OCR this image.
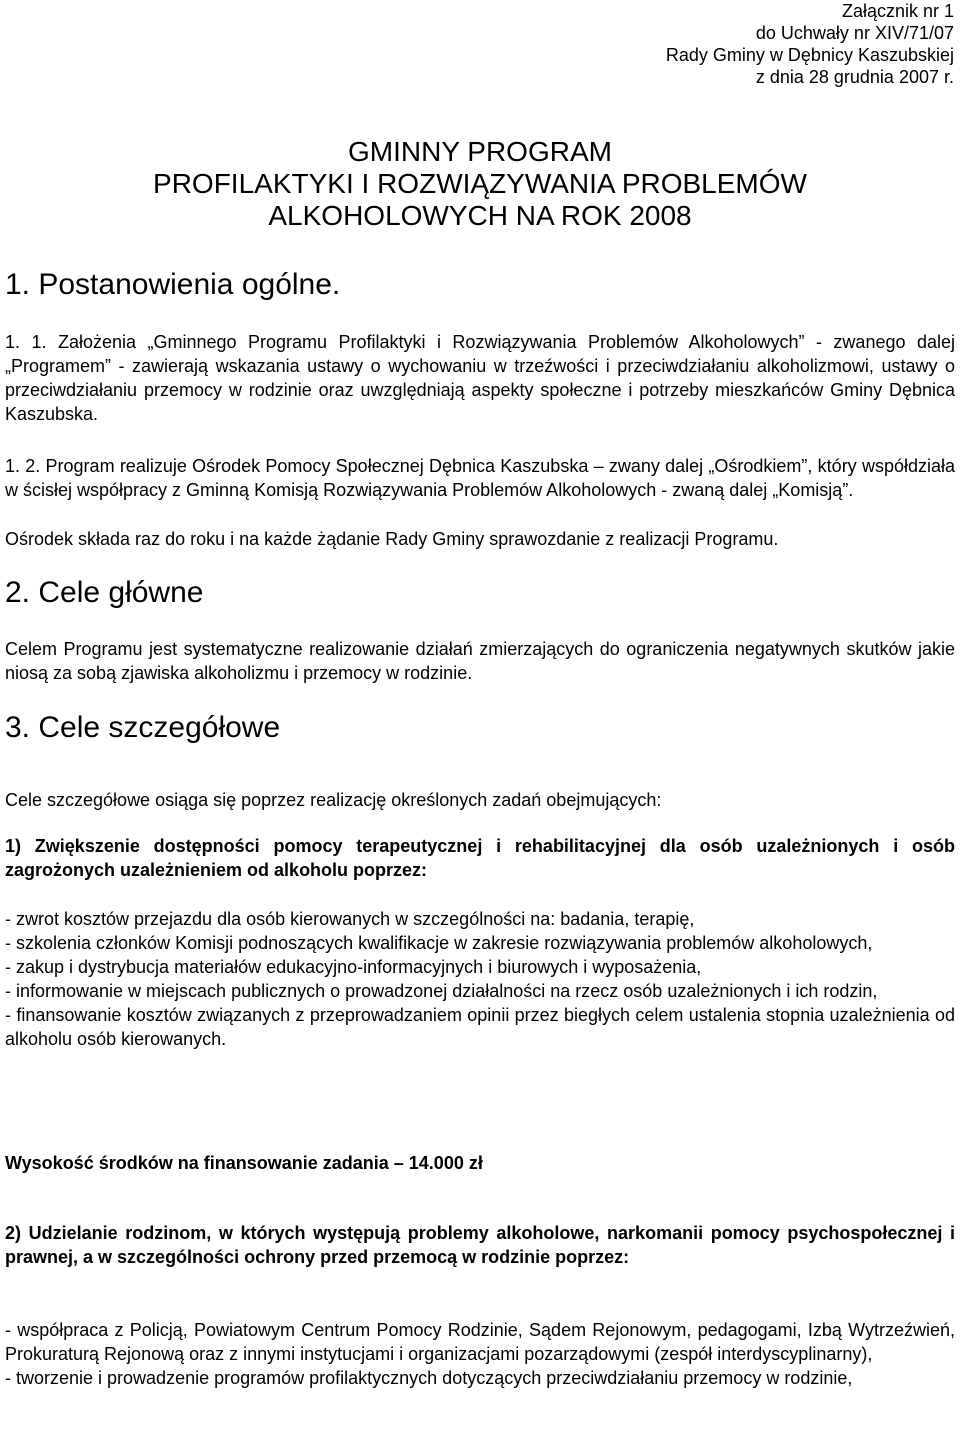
Załącznik nr 1
do Uchwały nr XIV/71/07
Rady Gminy w Dębnicy Kaszubskiej
z dnia 28 grudnia 2007 r.
GMINNY PROGRAM
PROFILAKTYKI I ROZWIĄZYWANIA PROBLEMÓW
ALKOHOLOWYCH NA ROK 2008
1. Postanowienia ogólne.

1. 1. Założenia „Gminnego Programu Profilaktyki i Rozwiązywania Problemów Alkoholowych” - zwanego dalej „Programem” - zawierają wskazania ustawy o wychowaniu w trzeźwości i przeciwdziałaniu alkoholizmowi, ustawy o przeciwdziałaniu przemocy w rodzinie oraz uwzględniają aspekty społeczne i potrzeby mieszkańców Gminy Dębnica Kaszubska.

1. 2. Program realizuje Ośrodek Pomocy Społecznej Dębnica Kaszubska – zwany dalej „Ośrodkiem”, który współdziała w ścisłej współpracy z Gminną Komisją Rozwiązywania Problemów Alkoholowych - zwaną dalej „Komisją”.

Ośrodek składa raz do roku i na każde żądanie Rady Gminy sprawozdanie z realizacji Programu.

2. Cele główne

Celem Programu jest systematyczne realizowanie działań zmierzających do ograniczenia negatywnych skutków jakie niosą za sobą zjawiska alkoholizmu i przemocy w rodzinie.

3. Cele szczegółowe

Cele szczegółowe osiąga się poprzez realizację określonych zadań obejmujących:

1) Zwiększenie dostępności pomocy terapeutycznej i rehabilitacyjnej dla osób uzależnionych i osób zagrożonych uzależnieniem od alkoholu poprzez:

- zwrot kosztów przejazdu dla osób kierowanych w szczególności na: badania, terapię,
- szkolenia członków Komisji podnoszących kwalifikacje w zakresie rozwiązywania problemów alkoholowych,
- zakup i dystrybucja materiałów edukacyjno-informacyjnych i biurowych i wyposażenia,
- informowanie w miejscach publicznych o prowadzonej działalności na rzecz osób uzależnionych i ich rodzin,
- finansowanie kosztów związanych z przeprowadzaniem opinii przez biegłych celem ustalenia stopnia uzależnienia od alkoholu osób kierowanych.

Wysokość środków na finansowanie zadania – 14.000 zł

2) Udzielanie rodzinom, w których występują problemy alkoholowe, narkomanii pomocy psychospołecznej i prawnej, a w szczególności ochrony przed przemocą w rodzinie poprzez:

- współpraca z Policją, Powiatowym Centrum Pomocy Rodzinie, Sądem Rejonowym, pedagogami, Izbą Wytrzeźwień, Prokuraturą Rejonową oraz z innymi instytucjami i organizacjami pozarządowymi (zespół interdyscyplinarny),
- tworzenie i prowadzenie programów profilaktycznych dotyczących przeciwdziałaniu przemocy w rodzinie,
